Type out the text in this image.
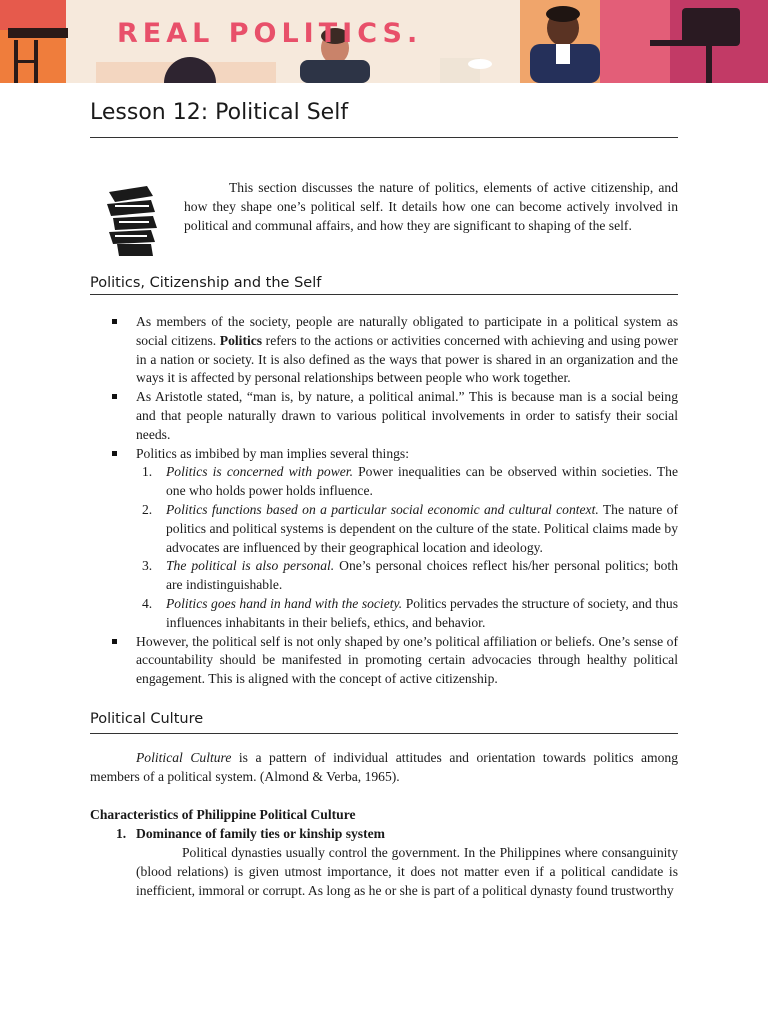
REAL POLITICS.
Lesson 12: Political Self

This section discusses the nature of politics, elements of active citizenship, and how they shape one’s political self. It details how one can become actively involved in political and communal affairs, and how they are significant to shaping of the self.

Politics, Citizenship and the Self
As members of the society, people are naturally obligated to participate in a political system as social citizens. Politics refers to the actions or activities concerned with achieving and using power in a nation or society. It is also defined as the ways that power is shared in an organization and the ways it is affected by personal relationships between people who work together.
As Aristotle stated, “man is, by nature, a political animal.” This is because man is a social being and that people naturally drawn to various political involvements in order to satisfy their social needs.
Politics as imbibed by man implies several things:
1. Politics is concerned with power. Power inequalities can be observed within societies. The one who holds power holds influence.
2. Politics functions based on a particular social economic and cultural context. The nature of politics and political systems is dependent on the culture of the state. Political claims made by advocates are influenced by their geographical location and ideology.
3. The political is also personal. One’s personal choices reflect his/her personal politics; both are indistinguishable.
4. Politics goes hand in hand with the society. Politics pervades the structure of society, and thus influences inhabitants in their beliefs, ethics, and behavior.
However, the political self is not only shaped by one’s political affiliation or beliefs. One’s sense of accountability should be manifested in promoting certain advocacies through healthy political engagement. This is aligned with the concept of active citizenship.
Political Culture

Political Culture is a pattern of individual attitudes and orientation towards politics among members of a political system. (Almond & Verba, 1965).

Characteristics of Philippine Political Culture

1. Dominance of family ties or kinship system

Political dynasties usually control the government. In the Philippines where consanguinity (blood relations) is given utmost importance, it does not matter even if a political candidate is inefficient, immoral or corrupt. As long as he or she is part of a political dynasty found trustworthy
